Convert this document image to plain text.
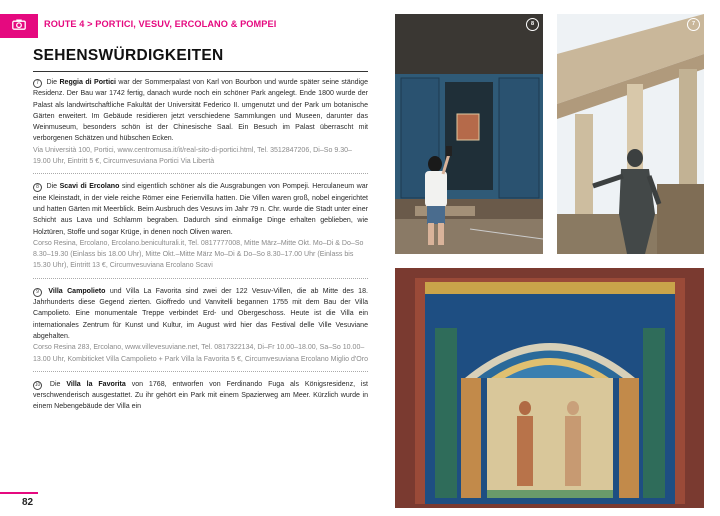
ROUTE 4 > PORTICI, VESUV, ERCOLANO & POMPEI
SEHENSWÜRDIGKEITEN
7 Die Reggia di Portici war der Sommerpalast von Karl von Bourbon und wurde später seine ständige Residenz. Der Bau war 1742 fertig, danach wurde noch ein schöner Park angelegt. Ende 1800 wurde der Palast als landwirtschaftliche Fakultät der Universität Federico II. umgenutzt und der Park um botanische Gärten erweitert. Im Gebäude residieren jetzt verschiedene Sammlungen und Museen, darunter das Weinmuseum, besonders schön ist der Chinesische Saal. Ein Besuch im Palast überrascht mit verborgenen Schätzen und hübschen Ecken.
Via Università 100, Portici, www.centromusa.it/it/real-sito-di-portici.html, Tel. 3512847206, Di–So 9.30–19.00 Uhr, Eintritt 5 €, Circumvesuviana Portici Via Libertà
8 Die Scavi di Ercolano sind eigentlich schöner als die Ausgrabungen von Pompeji. Herculaneum war eine Kleinstadt, in der viele reiche Römer eine Ferienvilla hatten. Die Villen waren groß, nobel eingerichtet und hatten Gärten mit Meerblick. Beim Ausbruch des Vesuvs im Jahr 79 n. Chr. wurde die Stadt unter einer Schicht aus Lava und Schlamm begraben. Dadurch sind einmalige Dinge erhalten geblieben, wie Holztüren, Stoffe und sogar Krüge, in denen noch Oliven waren.
Corso Resina, Ercolano, Ercolano.beniculturali.it, Tel. 0817777008, Mitte März–Mitte Okt. Mo–Di & Do–So 8.30–19.30 (Einlass bis 18.00 Uhr), Mitte Okt.–Mitte März Mo–Di & Do–So 8.30–17.00 Uhr (Einlass bis 15.30 Uhr), Eintritt 13 €, Circumvesuviana Ercolano Scavi
9 Villa Campolieto und Villa La Favorita sind zwei der 122 Vesuv-Villen, die ab Mitte des 18. Jahrhunderts diese Gegend zierten. Gioffredo und Vanvitelli begannen 1755 mit dem Bau der Villa Campolieto. Eine monumentale Treppe verbindet Erd- und Obergeschoss. Heute ist die Villa ein internationales Zentrum für Kunst und Kultur, im August wird hier das Festival delle Ville Vesuviane abgehalten.
Corso Resina 283, Ercolano, www.villevesuviane.net, Tel. 0817322134, Di–Fr 10.00–18.00, Sa–So 10.00–13.00 Uhr, Kombiticket Villa Campolieto + Park Villa la Favorita 5 €, Circumvesuviana Ercolano Miglio d'Oro
10 Die Villa la Favorita von 1768, entworfen von Ferdinando Fuga als Königsresidenz, ist verschwenderisch ausgestattet. Zu ihr gehört ein Park mit einem Spazierweg am Meer. Kürzlich wurde in einem Nebengebäude der Villa ein
82
8	7
